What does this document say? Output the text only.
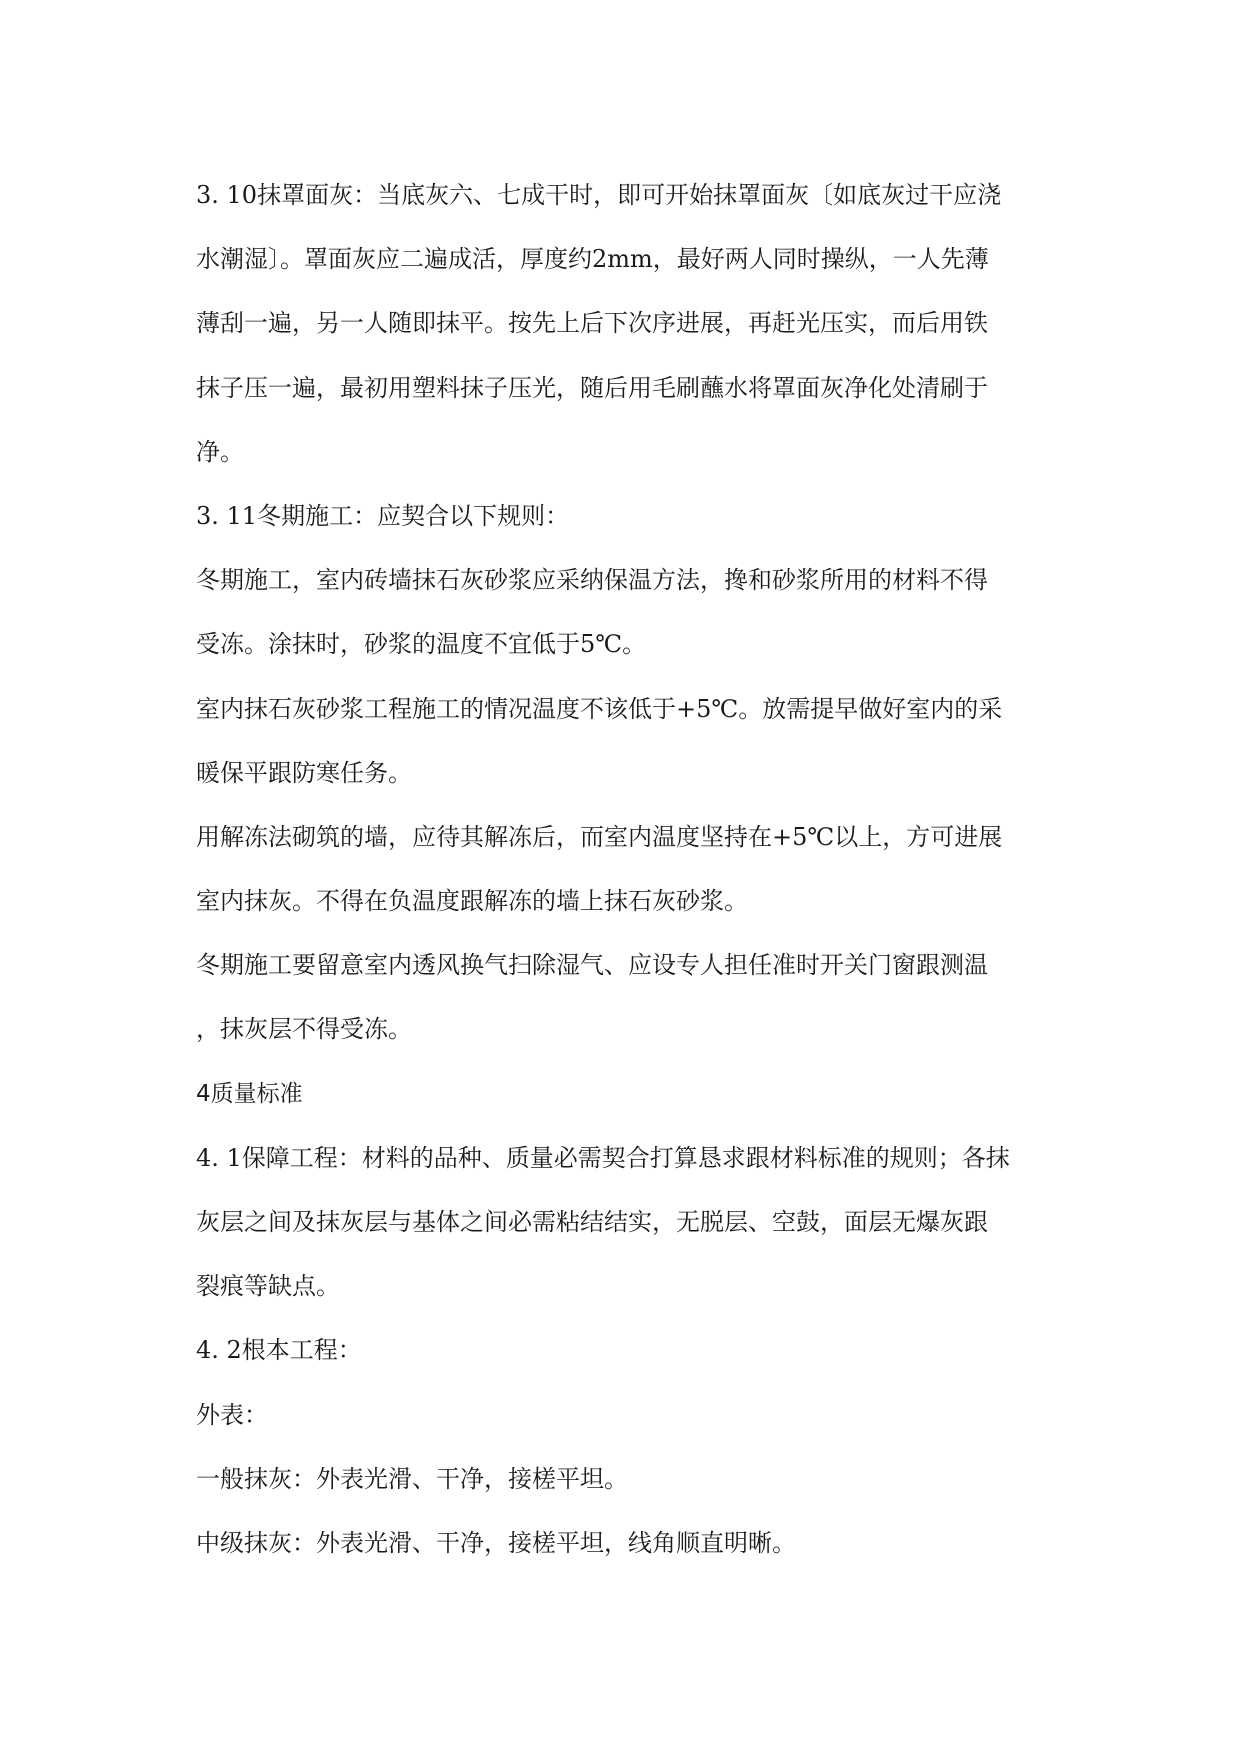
3. 10抹罩面灰：当底灰六、七成干时，即可开始抹罩面灰〔如底灰过干应浇
水潮湿〕。罩面灰应二遍成活，厚度约2mm，最好两人同时操纵，一人先薄
薄刮一遍，另一人随即抹平。按先上后下次序进展，再赶光压实，而后用铁
抹子压一遍，最初用塑料抹子压光，随后用毛刷蘸水将罩面灰净化处清刷于
净。
3. 11冬期施工：应契合以下规则：
冬期施工，室内砖墙抹石灰砂浆应采纳保温方法，搀和砂浆所用的材料不得
受冻。涂抹时，砂浆的温度不宜低于5℃。
室内抹石灰砂浆工程施工的情况温度不该低于+5℃。放需提早做好室内的采
暖保平跟防寒任务。
用解冻法砌筑的墙，应待其解冻后，而室内温度坚持在+5℃以上，方可进展
室内抹灰。不得在负温度跟解冻的墙上抹石灰砂浆。
冬期施工要留意室内透风换气扫除湿气、应设专人担任准时开关门窗跟测温
，抹灰层不得受冻。
4质量标准
4. 1保障工程：材料的品种、质量必需契合打算恳求跟材料标准的规则；各抹
灰层之间及抹灰层与基体之间必需粘结结实，无脱层、空鼓，面层无爆灰跟
裂痕等缺点。
4. 2根本工程：
外表：
一般抹灰：外表光滑、干净，接槎平坦。
中级抹灰：外表光滑、干净，接槎平坦，线角顺直明晰。
